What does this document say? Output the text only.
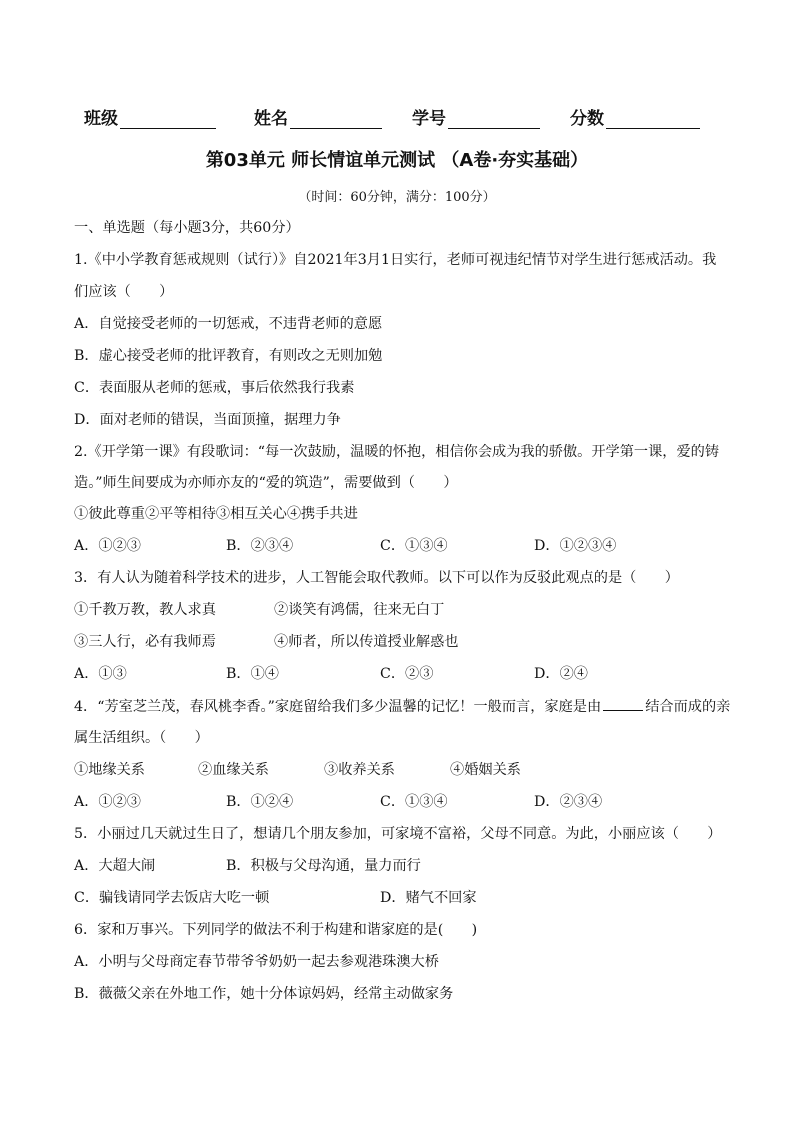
班级	姓名	学号	分数
第03单元 师长情谊单元测试 （A卷·夯实基础）
（时间：60分钟，满分：100分）
一、单选题（每小题3分，共60分）
1.《中小学教育惩戒规则（试行）》自2021年3月1日实行，老师可视违纪情节对学生进行惩戒活动。我
们应该（　　）
A．自觉接受老师的一切惩戒，不违背老师的意愿
B．虚心接受老师的批评教育，有则改之无则加勉
C．表面服从老师的惩戒，事后依然我行我素
D．面对老师的错误，当面顶撞，据理力争
2.《开学第一课》有段歌词：“每一次鼓励，温暖的怀抱，相信你会成为我的骄傲。开学第一课，爱的铸
造。”师生间要成为亦师亦友的“爱的筑造”，需要做到（　　）
①彼此尊重②平等相待③相互关心④携手共进
A．①②③	B．②③④	C．①③④	D．①②③④
3．有人认为随着科学技术的进步，人工智能会取代教师。以下可以作为反驳此观点的是（　　）
①千教万教，教人求真	②谈笑有鸿儒，往来无白丁
③三人行，必有我师焉	④师者，所以传道授业解惑也
A．①③	B．①④	C．②③	D．②④
4．“芳室芝兰茂，春风桃李香。”家庭留给我们多少温馨的记忆！一般而言，家庭是由	结合而成的亲
属生活组织。（　　）
①地缘关系	②血缘关系	③收养关系	④婚姻关系
A．①②③	B．①②④	C．①③④	D．②③④
5．小丽过几天就过生日了，想请几个朋友参加，可家境不富裕，父母不同意。为此，小丽应该（　　）
A．大超大闹	B．积极与父母沟通，量力而行
C．骗钱请同学去饭店大吃一顿	D．赌气不回家
6．家和万事兴。下列同学的做法不利于构建和谐家庭的是(　　)
A．小明与父母商定春节带爷爷奶奶一起去参观港珠澳大桥
B．薇薇父亲在外地工作，她十分体谅妈妈，经常主动做家务
